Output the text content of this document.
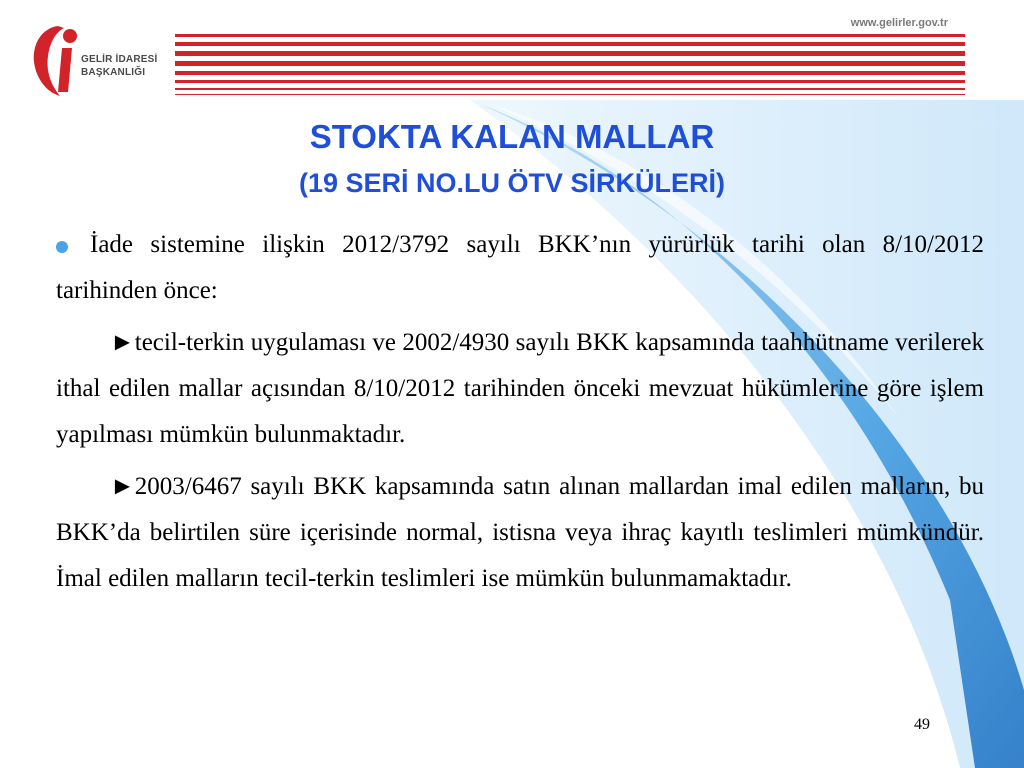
GELİR İDARESİ
BAŞKANLIĞI
www.gelirler.gov.tr
STOKTA KALAN MALLAR
(19 SERİ NO.LU ÖTV SİRKÜLERİ)

İade sistemine ilişkin 2012/3792 sayılı BKK’nın yürürlük tarihi olan 8/10/2012 tarihinden önce:

►tecil-terkin uygulaması ve 2002/4930 sayılı BKK kapsamında taahhütname verilerek ithal edilen mallar açısından 8/10/2012 tarihinden önceki mevzuat hükümlerine göre işlem yapılması mümkün bulunmaktadır.

►2003/6467 sayılı BKK kapsamında satın alınan mallardan imal edilen malların, bu BKK’da belirtilen süre içerisinde normal, istisna veya ihraç kayıtlı teslimleri mümkündür. İmal edilen malların tecil-terkin teslimleri ise mümkün bulunmamaktadır.

49
